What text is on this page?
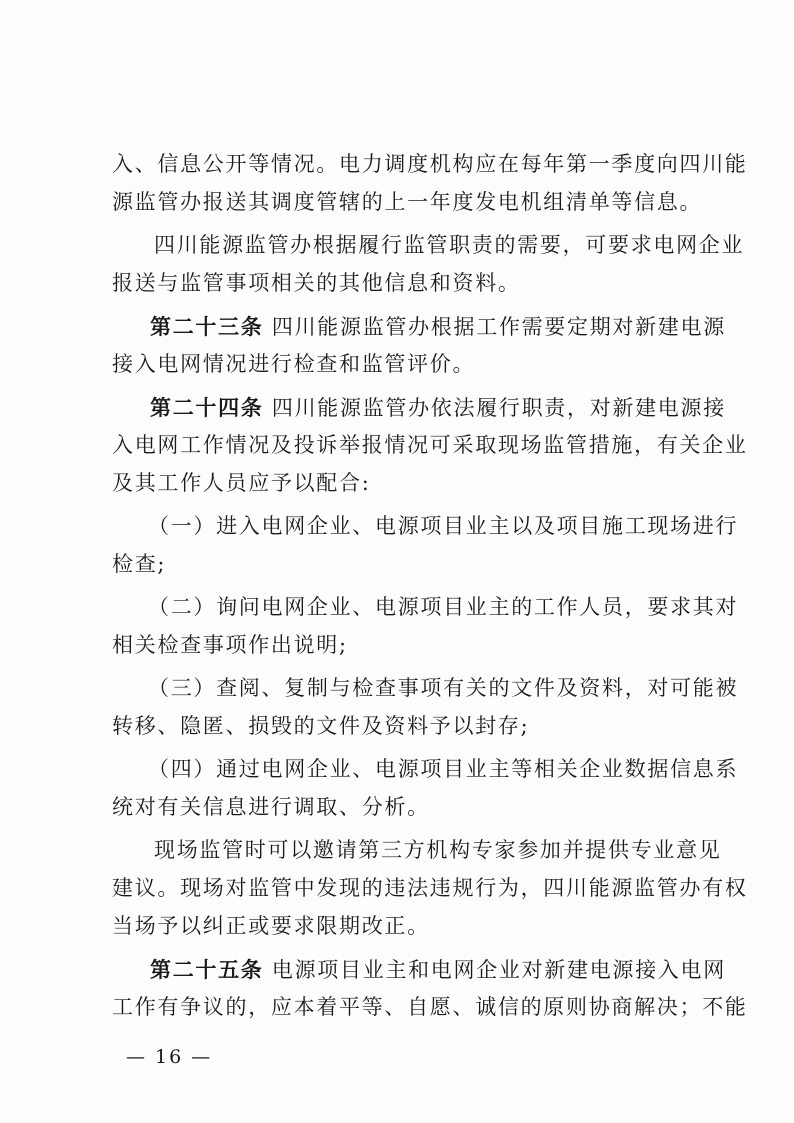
入、信息公开等情况。电力调度机构应在每年第一季度向四川能
源监管办报送其调度管辖的上一年度发电机组清单等信息。
四川能源监管办根据履行监管职责的需要，可要求电网企业
报送与监管事项相关的其他信息和资料。
第二十三条 四川能源监管办根据工作需要定期对新建电源
接入电网情况进行检查和监管评价。
第二十四条 四川能源监管办依法履行职责，对新建电源接
入电网工作情况及投诉举报情况可采取现场监管措施，有关企业
及其工作人员应予以配合:
（一）进入电网企业、电源项目业主以及项目施工现场进行
检查;
（二）询问电网企业、电源项目业主的工作人员，要求其对
相关检查事项作出说明;
（三）查阅、复制与检查事项有关的文件及资料，对可能被
转移、隐匿、损毁的文件及资料予以封存;
（四）通过电网企业、电源项目业主等相关企业数据信息系
统对有关信息进行调取、分析。
现场监管时可以邀请第三方机构专家参加并提供专业意见
建议。现场对监管中发现的违法违规行为，四川能源监管办有权
当场予以纠正或要求限期改正。
第二十五条 电源项目业主和电网企业对新建电源接入电网
工作有争议的，应本着平等、自愿、诚信的原则协商解决；不能
— 16 —
